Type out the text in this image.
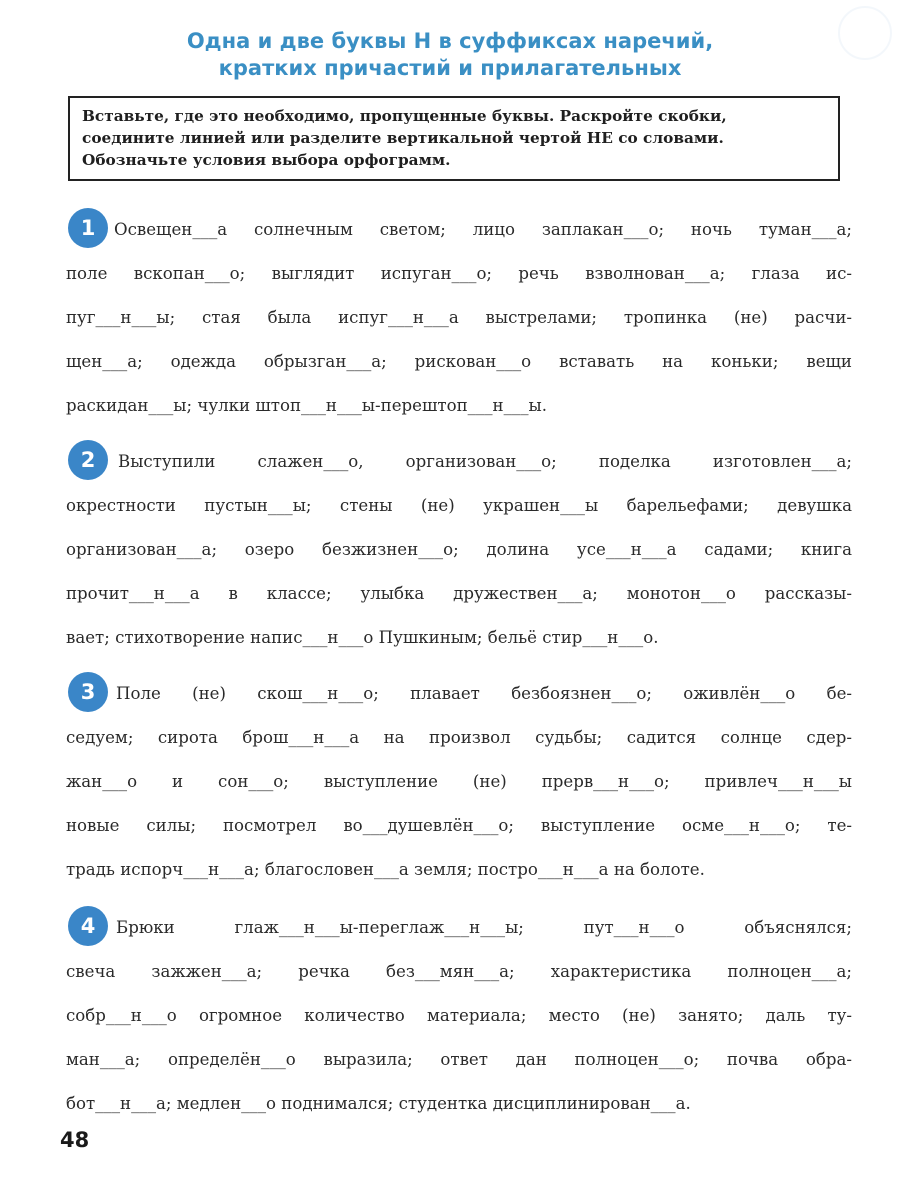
Одна и две буквы Н в суффиксах наречий,
кратких причастий и прилагательных
Вставьте, где это необходимо, пропущенные буквы. Раскройте скобки,
соедините линией или разделите вертикальной чертой НЕ со словами.
Обозначьте условия выбора орфограмм.
1	Освещен___а солнечным светом; лицо заплакан___о; ночь туман___а;
поле вскопан___о; выглядит испуган___о; речь взволнован___а; глаза ис-
пуг___н___ы; стая была испуг___н___а выстрелами; тропинка (не) расчи-
щен___а; одежда обрызган___а; рискован___о вставать на коньки; вещи
раскидан___ы; чулки штоп___н___ы-перештоп___н___ы.
2	Выступили слажен___о, организован___о; поделка изготовлен___а;
окрестности пустын___ы; стены (не) украшен___ы барельефами; девушка
организован___а; озеро безжизнен___о; долина усе___н___а садами; книга
прочит___н___а в классе; улыбка дружествен___а; монотон___о рассказы-
вает; стихотворение напис___н___о Пушкиным; бельё стир___н___о.
3	Поле (не) скош___н___о; плавает безбоязнен___о; оживлён___о бе-
седуем; сирота брош___н___а на произвол судьбы; садится солнце сдер-
жан___о и сон___о; выступление (не) прерв___н___о; привлеч___н___ы
новые силы; посмотрел во___душевлён___о; выступление осме___н___о; те-
традь испорч___н___а; благословен___а земля; постро___н___а на болоте.
4	Брюки глаж___н___ы-переглаж___н___ы; пут___н___о объяснялся;
свеча зажжен___а; речка без___мян___а; характеристика полноцен___а;
собр___н___о огромное количество материала; место (не) занято; даль ту-
ман___а; определён___о выразила; ответ дан полноцен___о; почва обра-
бот___н___а; медлен___о поднимался; студентка дисциплинирован___а.
48
